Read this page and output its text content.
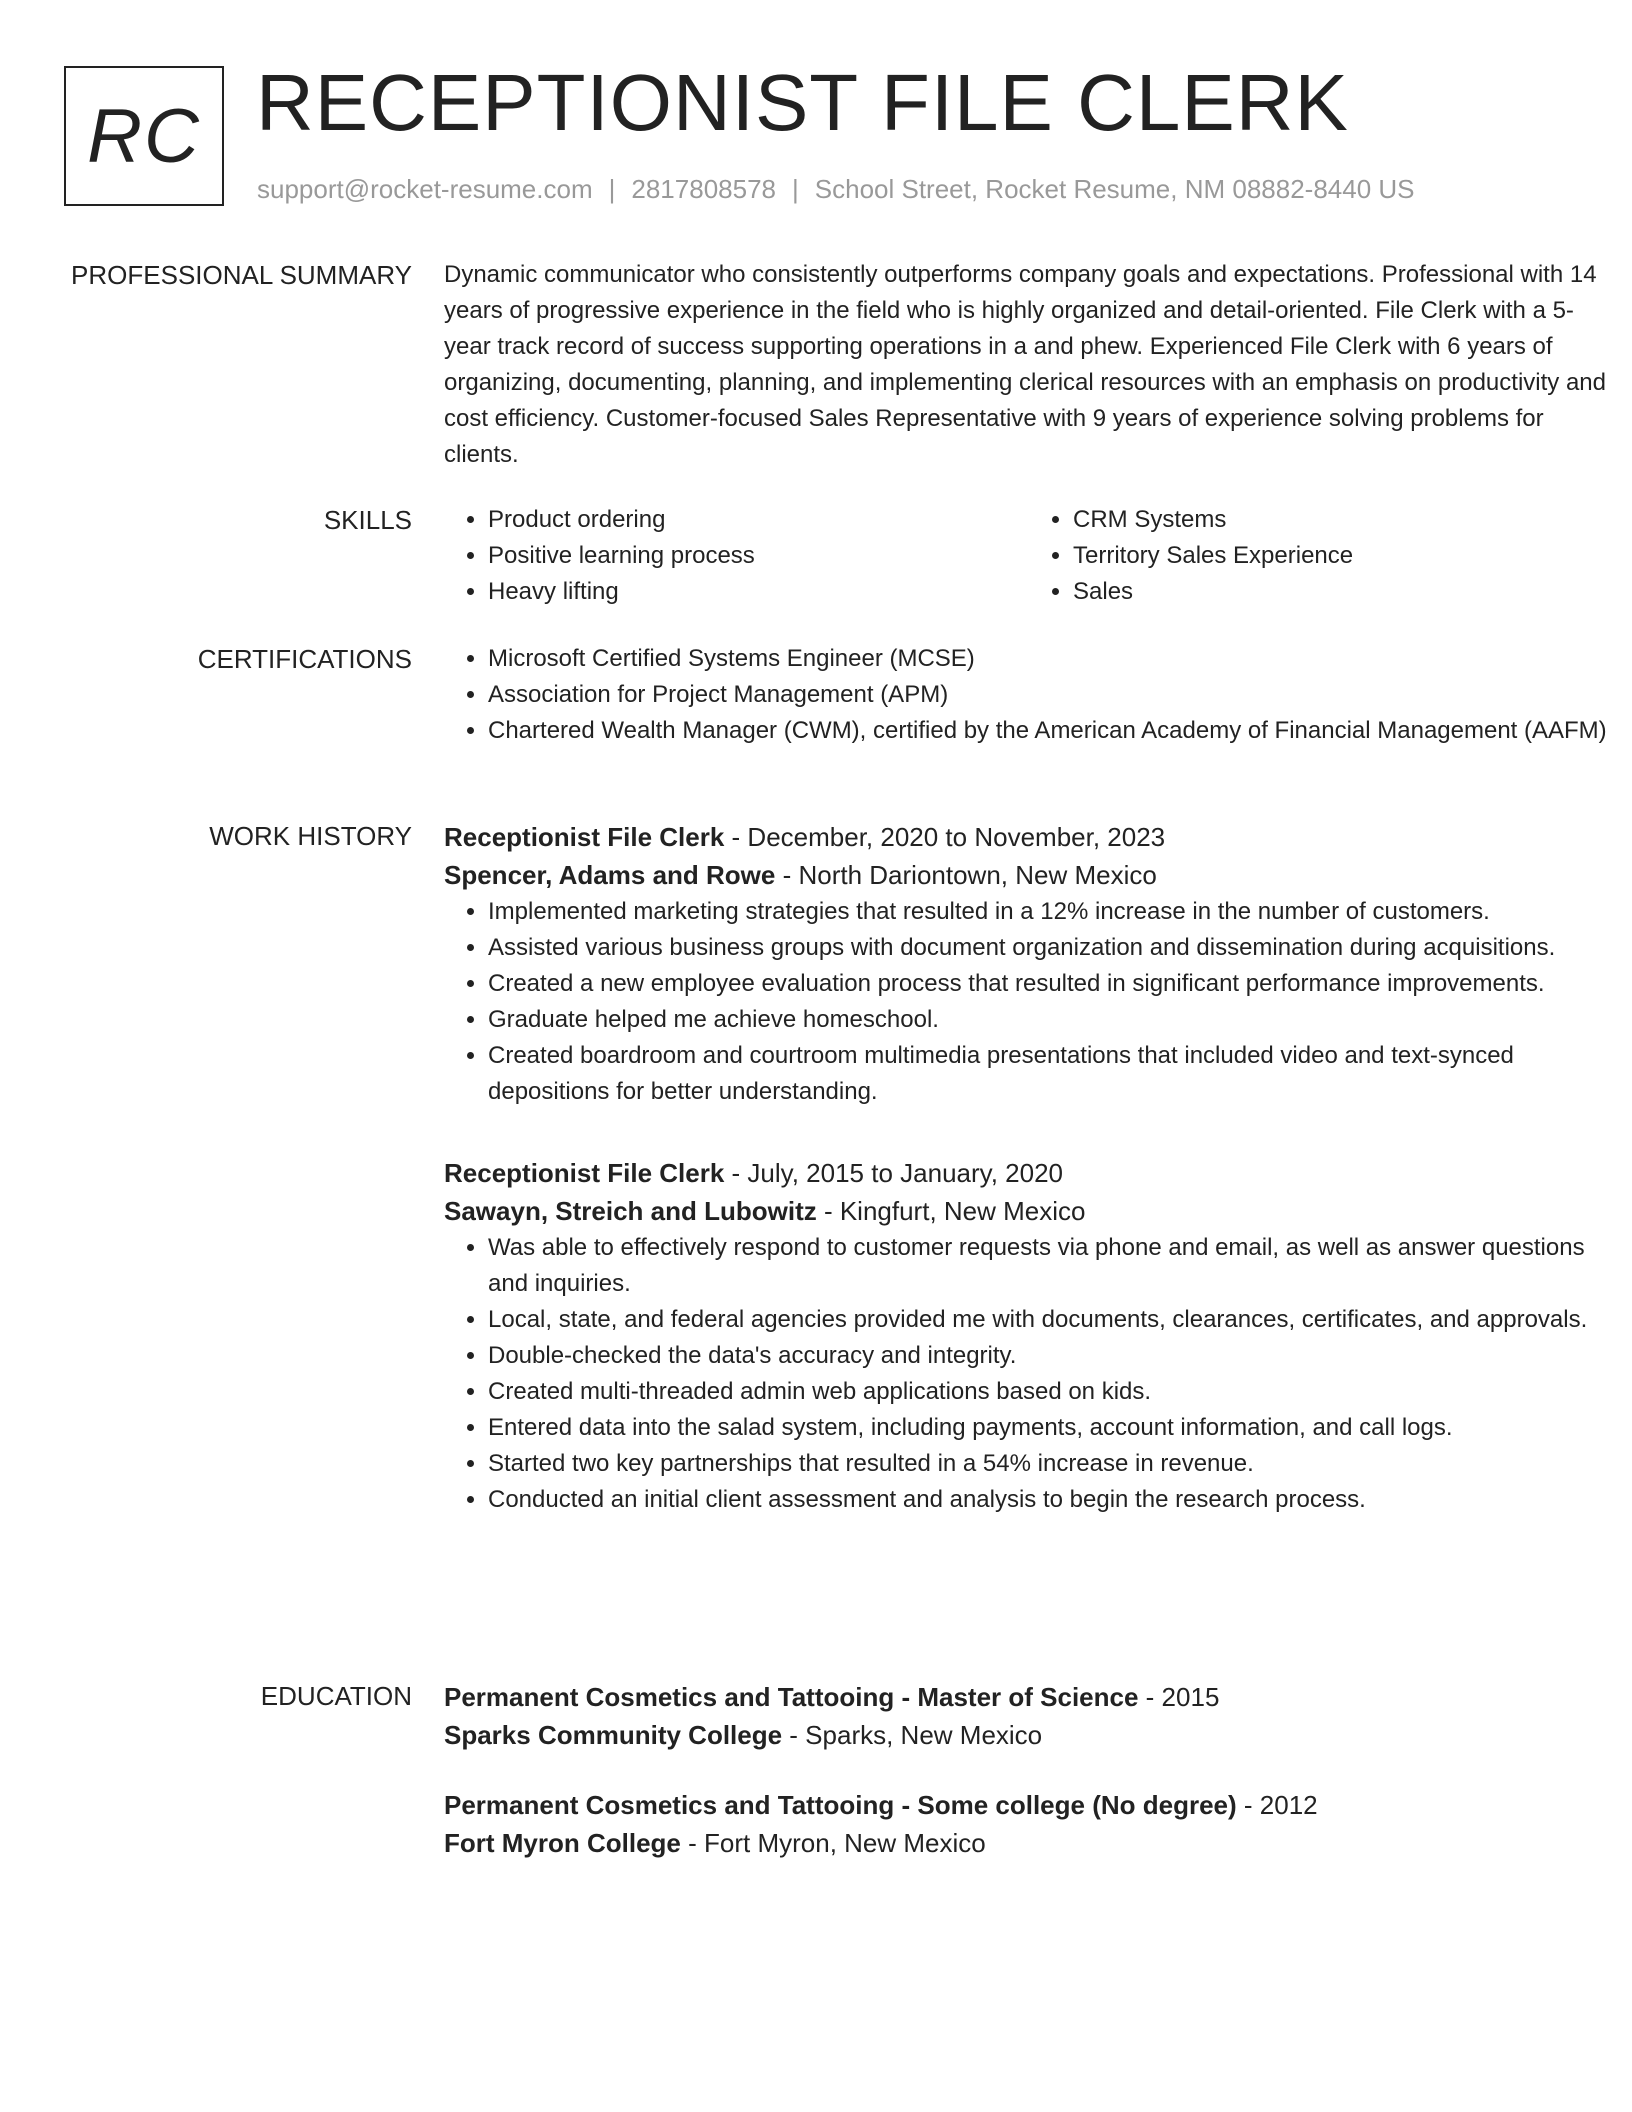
RC RECEPTIONIST FILE CLERK
support@rocket-resume.com | 2817808578 | School Street, Rocket Resume, NM 08882-8440 US
PROFESSIONAL SUMMARY Dynamic communicator who consistently outperforms company goals and expectations. Professional with 14 years of progressive experience in the field who is highly organized and detail-oriented. File Clerk with a 5-year track record of success supporting operations in a and phew. Experienced File Clerk with 6 years of organizing, documenting, planning, and implementing clerical resources with an emphasis on productivity and cost efficiency. Customer-focused Sales Representative with 9 years of experience solving problems for clients.

SKILLS	• Product ordering
• Positive learning process
• Heavy lifting
• CRM Systems
• Territory Sales Experience
• Sales
CERTIFICATIONS	• Microsoft Certified Systems Engineer (MCSE)
• Association for Project Management (APM)
• Chartered Wealth Manager (CWM), certified by the American Academy of Financial Management (AAFM)
WORK HISTORY Receptionist File Clerk - December, 2020 to November, 2023
Spencer, Adams and Rowe - North Dariontown, New Mexico
• Implemented marketing strategies that resulted in a 12% increase in the number of customers.
• Assisted various business groups with document organization and dissemination during acquisitions.
• Created a new employee evaluation process that resulted in significant performance improvements.
• Graduate helped me achieve homeschool.
• Created boardroom and courtroom multimedia presentations that included video and text-synced depositions for better understanding.
Receptionist File Clerk - July, 2015 to January, 2020
Sawayn, Streich and Lubowitz - Kingfurt, New Mexico
• Was able to effectively respond to customer requests via phone and email, as well as answer questions and inquiries.
• Local, state, and federal agencies provided me with documents, clearances, certificates, and approvals.
• Double-checked the data's accuracy and integrity.
• Created multi-threaded admin web applications based on kids.
• Entered data into the salad system, including payments, account information, and call logs.
• Started two key partnerships that resulted in a 54% increase in revenue.
• Conducted an initial client assessment and analysis to begin the research process.
EDUCATION Permanent Cosmetics and Tattooing - Master of Science - 2015
Sparks Community College - Sparks, New Mexico
Permanent Cosmetics and Tattooing - Some college (No degree) - 2012
Fort Myron College - Fort Myron, New Mexico
